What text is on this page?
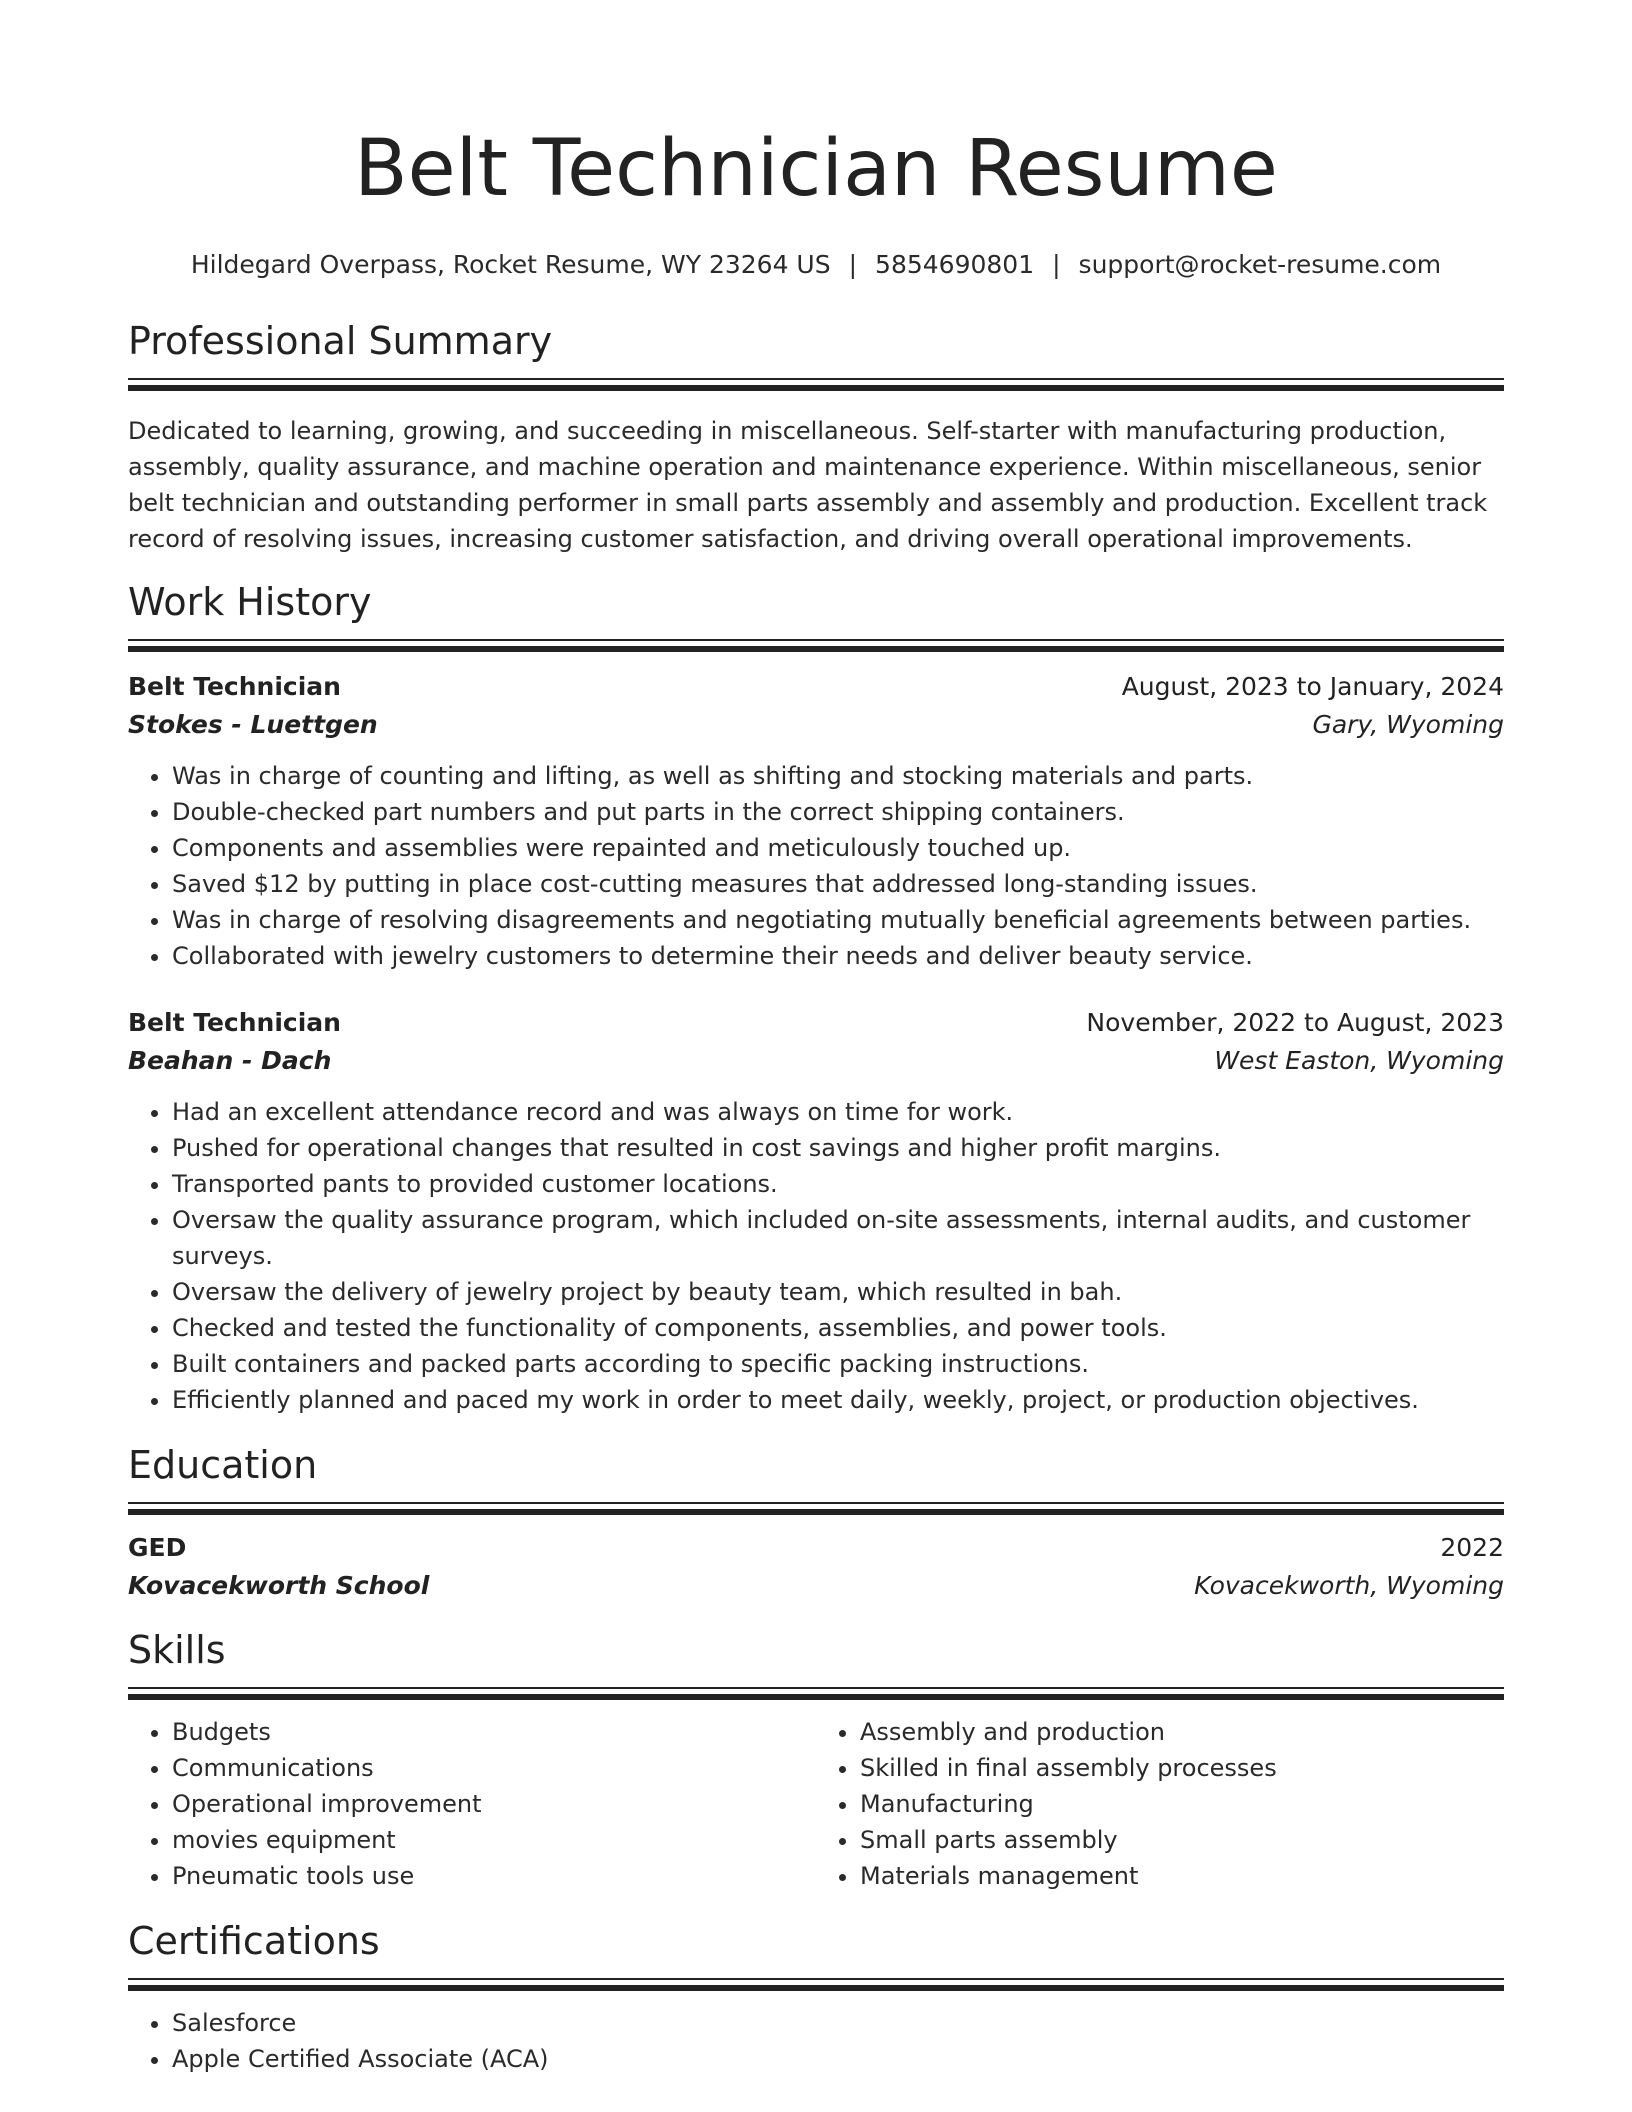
Belt Technician Resume
Hildegard Overpass, Rocket Resume, WY 23264 US | 5854690801 | support@rocket-resume.com
Professional Summary
Dedicated to learning, growing, and succeeding in miscellaneous. Self-starter with manufacturing production, assembly, quality assurance, and machine operation and maintenance experience. Within miscellaneous, senior belt technician and outstanding performer in small parts assembly and assembly and production. Excellent track record of resolving issues, increasing customer satisfaction, and driving overall operational improvements.
Work History
Belt Technician	August, 2023 to January, 2024
Stokes - Luettgen	Gary, Wyoming
• Was in charge of counting and lifting, as well as shifting and stocking materials and parts.
• Double-checked part numbers and put parts in the correct shipping containers.
• Components and assemblies were repainted and meticulously touched up.
• Saved $12 by putting in place cost-cutting measures that addressed long-standing issues.
• Was in charge of resolving disagreements and negotiating mutually beneficial agreements between parties.
• Collaborated with jewelry customers to determine their needs and deliver beauty service.
Belt Technician	November, 2022 to August, 2023
Beahan - Dach	West Easton, Wyoming
• Had an excellent attendance record and was always on time for work.
• Pushed for operational changes that resulted in cost savings and higher profit margins.
• Transported pants to provided customer locations.
• Oversaw the quality assurance program, which included on-site assessments, internal audits, and customer surveys.
• Oversaw the delivery of jewelry project by beauty team, which resulted in bah.
• Checked and tested the functionality of components, assemblies, and power tools.
• Built containers and packed parts according to specific packing instructions.
• Efficiently planned and paced my work in order to meet daily, weekly, project, or production objectives.
Education
GED	2022
Kovacekworth School	Kovacekworth, Wyoming
Skills
• Budgets
• Communications
• Operational improvement
• movies equipment
• Pneumatic tools use
• Assembly and production
• Skilled in final assembly processes
• Manufacturing
• Small parts assembly
• Materials management
Certifications
• Salesforce
• Apple Certified Associate (ACA)
